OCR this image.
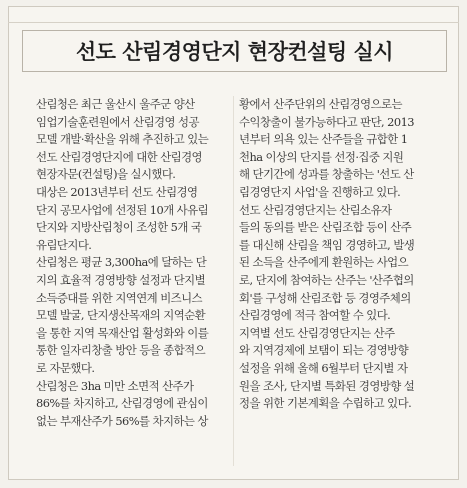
선도 산림경영단지 현장컨설팅 실시
산림청은 최근 울산시 울주군 양산
임업기술훈련원에서 산림경영 성공
모델 개발·확산을 위해 추진하고 있는
선도 산림경영단지에 대한 산림경영
현장자문(컨설팅)을 실시했다.
대상은 2013년부터 선도 산림경영
단지 공모사업에 선정된 10개 사유림
단지와 지방산림청이 조성한 5개 국
유림단지다.
산림청은 평균 3,300ha에 달하는 단
지의 효율적 경영방향 설정과 단지별
소득증대를 위한 지역연계 비즈니스
모델 발굴, 단지생산목재의 지역순환
을 통한 지역 목재산업 활성화와 이를
통한 일자리창출 방안 등을 종합적으
로 자문했다.
산림청은 3ha 미만 소면적 산주가
86%를 차지하고, 산림경영에 관심이
없는 부재산주가 56%를 차지하는 상
황에서 산주단위의 산림경영으로는
수익창출이 불가능하다고 판단, 2013
년부터 의욕 있는 산주들을 규합한 1
천ha 이상의 단지를 선정·집중 지원
해 단기간에 성과를 창출하는 '선도 산
림경영단지 사업'을 진행하고 있다.
선도 산림경영단지는 산림소유자
들의 동의를 받은 산림조합 등이 산주
를 대신해 산림을 책임 경영하고, 발생
된 소득을 산주에게 환원하는 사업으
로, 단지에 참여하는 산주는 '산주협의
회'를 구성해 산림조합 등 경영주체의
산림경영에 적극 참여할 수 있다.
지역별 선도 산림경영단지는 산주
와 지역경제에 보탬이 되는 경영방향
설정을 위해 올해 6월부터 단지별 자
원을 조사, 단지별 특화된 경영방향 설
정을 위한 기본계획을 수립하고 있다.
